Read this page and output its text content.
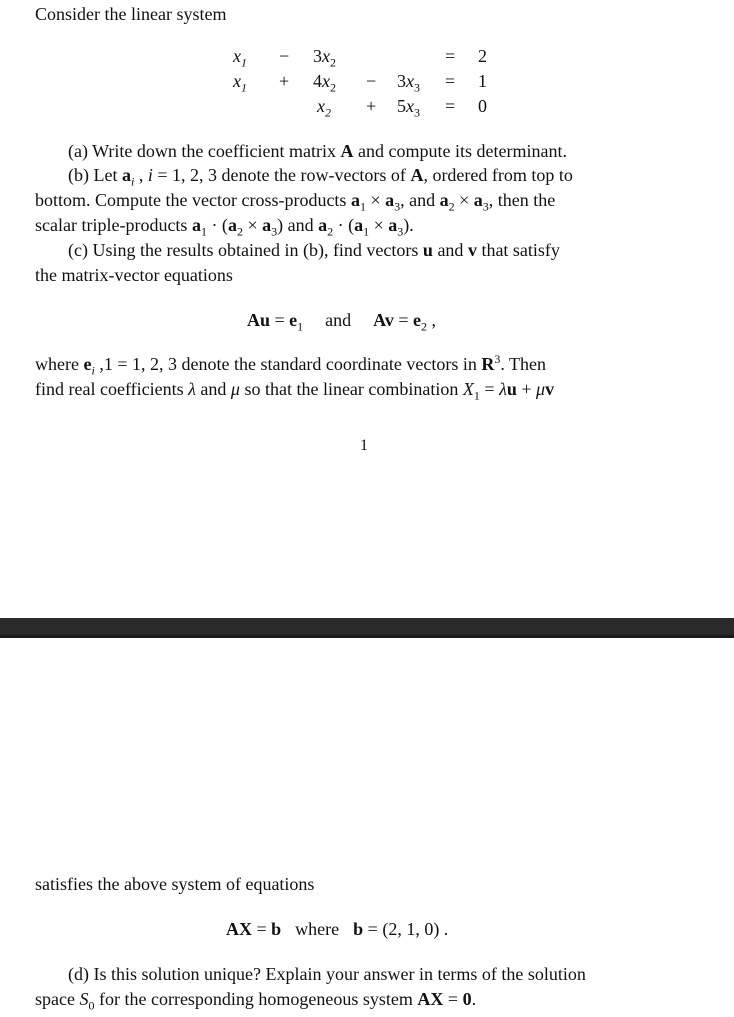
Consider the linear system
$x_1 - 3x_2$	= 2
$x_1 + 4x_2 - 3x_3 = 1$
$x_2 + 5x_3 = 0$
(a) Write down the coefficient matrix A and compute its determinant.
(b) Let $a_i$ , i = 1, 2, 3 denote the row-vectors of A, ordered from top to
bottom. Compute the vector cross-products $a_1 \times a_3$, and $a_2 \times a_3$, then the
scalar triple-products $a_1 \cdot (a_2 \times a_3)$ and $a_2 \cdot (a_1 \times a_3)$.
(c) Using the results obtained in (b), find vectors u and v that satisfy
the matrix-vector equations
$Au = e_1$ and $Av = e_2$ ,
where $e_i$ ,1 = 1, 2, 3 denote the standard coordinate vectors in $R^3$. Then
find real coefficients λ and μ so that the linear combination $X_1 = \lambda u + \mu v$
1
satisfies the above system of equations
AX = b where b = (2, 1, 0) .
(d) Is this solution unique? Explain your answer in terms of the solution
space $S_0$ for the corresponding homogeneous system AX = 0.
